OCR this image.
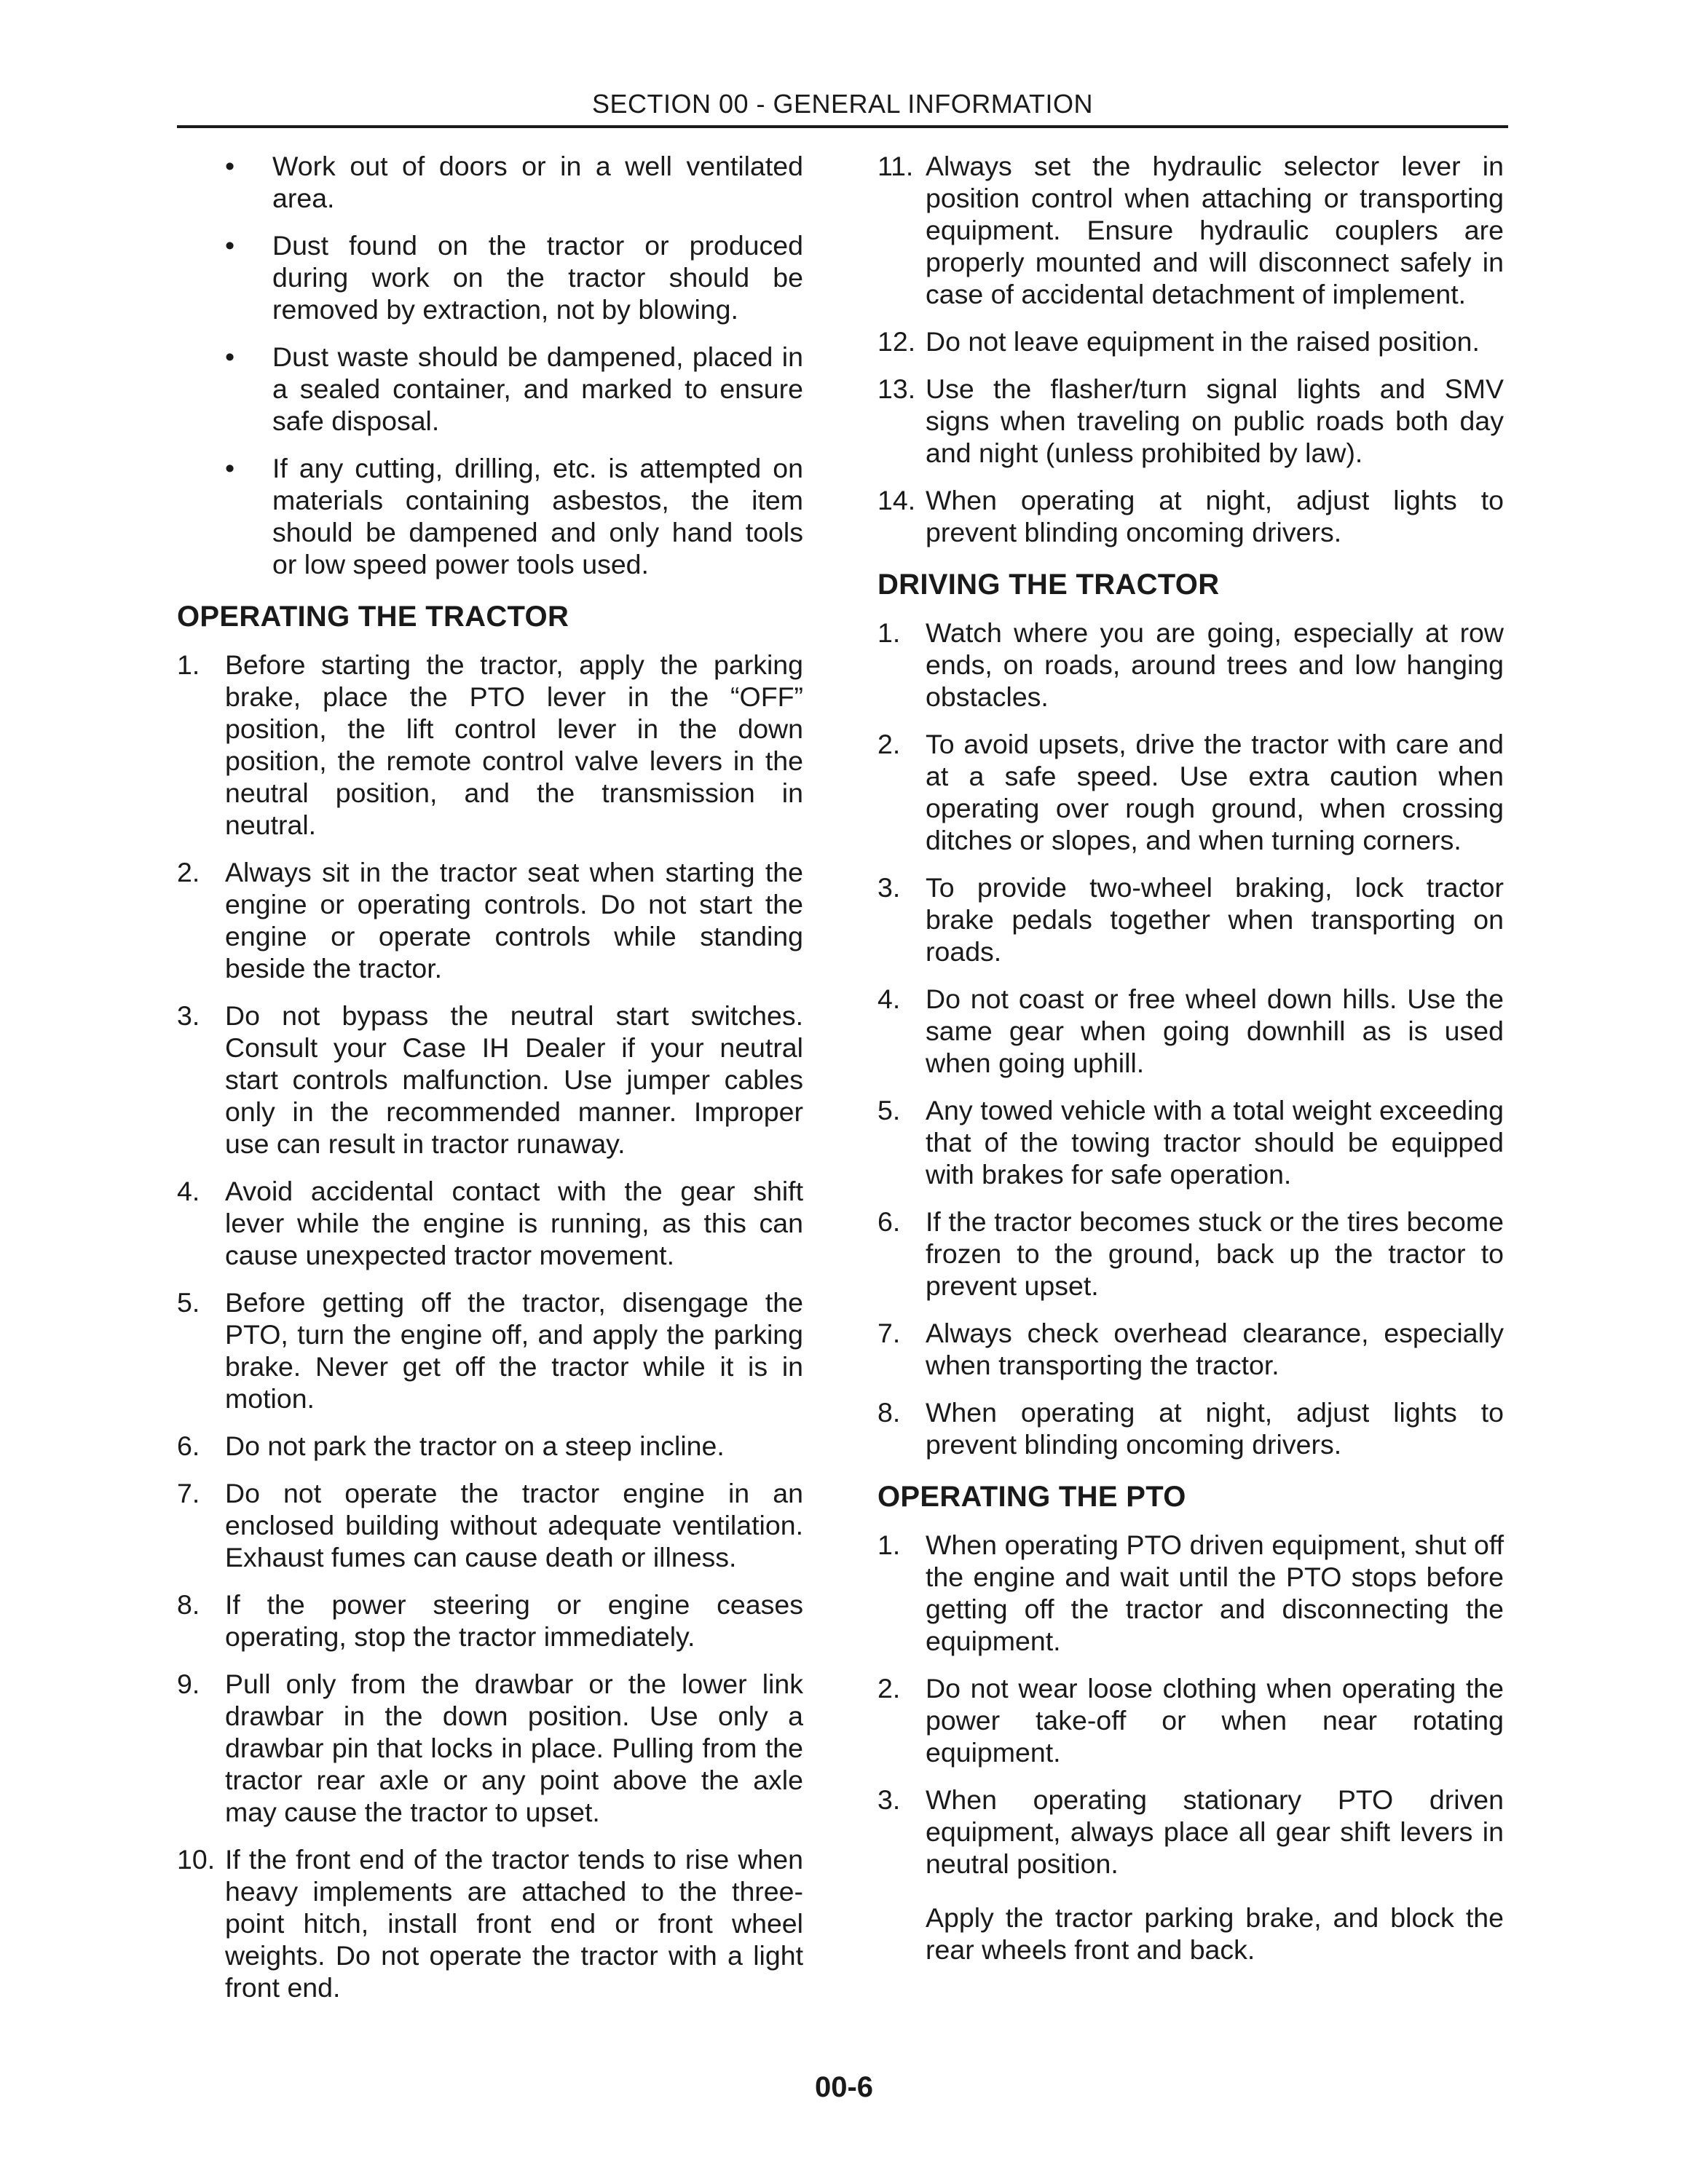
SECTION 00 - GENERAL INFORMATION
• Work out of doors or in a well ventilated area.
• Dust found on the tractor or produced during work on the tractor should be removed by extraction, not by blowing.
• Dust waste should be dampened, placed in a sealed container, and marked to ensure safe disposal.
• If any cutting, drilling, etc. is attempted on materials containing asbestos, the item should be dampened and only hand tools or low speed power tools used.
OPERATING THE TRACTOR
1. Before starting the tractor, apply the parking brake, place the PTO lever in the “OFF” position, the lift control lever in the down position, the remote control valve levers in the neutral position, and the transmission in neutral.
2. Always sit in the tractor seat when starting the engine or operating controls. Do not start the engine or operate controls while standing beside the tractor.
3. Do not bypass the neutral start switches. Consult your Case IH Dealer if your neutral start controls malfunction. Use jumper cables only in the recommended manner. Improper use can result in tractor runaway.
4. Avoid accidental contact with the gear shift lever while the engine is running, as this can cause unexpected tractor movement.
5. Before getting off the tractor, disengage the PTO, turn the engine off, and apply the parking brake. Never get off the tractor while it is in motion.
6. Do not park the tractor on a steep incline.
7. Do not operate the tractor engine in an enclosed building without adequate ventilation. Exhaust fumes can cause death or illness.
8. If the power steering or engine ceases operating, stop the tractor immediately.
9. Pull only from the drawbar or the lower link drawbar in the down position. Use only a drawbar pin that locks in place. Pulling from the tractor rear axle or any point above the axle may cause the tractor to upset.
10. If the front end of the tractor tends to rise when heavy implements are attached to the three-point hitch, install front end or front wheel weights. Do not operate the tractor with a light front end.
11. Always set the hydraulic selector lever in position control when attaching or transporting equipment. Ensure hydraulic couplers are properly mounted and will disconnect safely in case of accidental detachment of implement.
12. Do not leave equipment in the raised position.
13. Use the flasher/turn signal lights and SMV signs when traveling on public roads both day and night (unless prohibited by law).
14. When operating at night, adjust lights to prevent blinding oncoming drivers.
DRIVING THE TRACTOR
1. Watch where you are going, especially at row ends, on roads, around trees and low hanging obstacles.
2. To avoid upsets, drive the tractor with care and at a safe speed. Use extra caution when operating over rough ground, when crossing ditches or slopes, and when turning corners.
3. To provide two-wheel braking, lock tractor brake pedals together when transporting on roads.
4. Do not coast or free wheel down hills. Use the same gear when going downhill as is used when going uphill.
5. Any towed vehicle with a total weight exceeding that of the towing tractor should be equipped with brakes for safe operation.
6. If the tractor becomes stuck or the tires become frozen to the ground, back up the tractor to prevent upset.
7. Always check overhead clearance, especially when transporting the tractor.
8. When operating at night, adjust lights to prevent blinding oncoming drivers.
OPERATING THE PTO
1. When operating PTO driven equipment, shut off the engine and wait until the PTO stops before getting off the tractor and disconnecting the equipment.
2. Do not wear loose clothing when operating the power take-off or when near rotating equipment.
3. When operating stationary PTO driven equipment, always place all gear shift levers in neutral position.

Apply the tractor parking brake, and block the rear wheels front and back.

00-6
